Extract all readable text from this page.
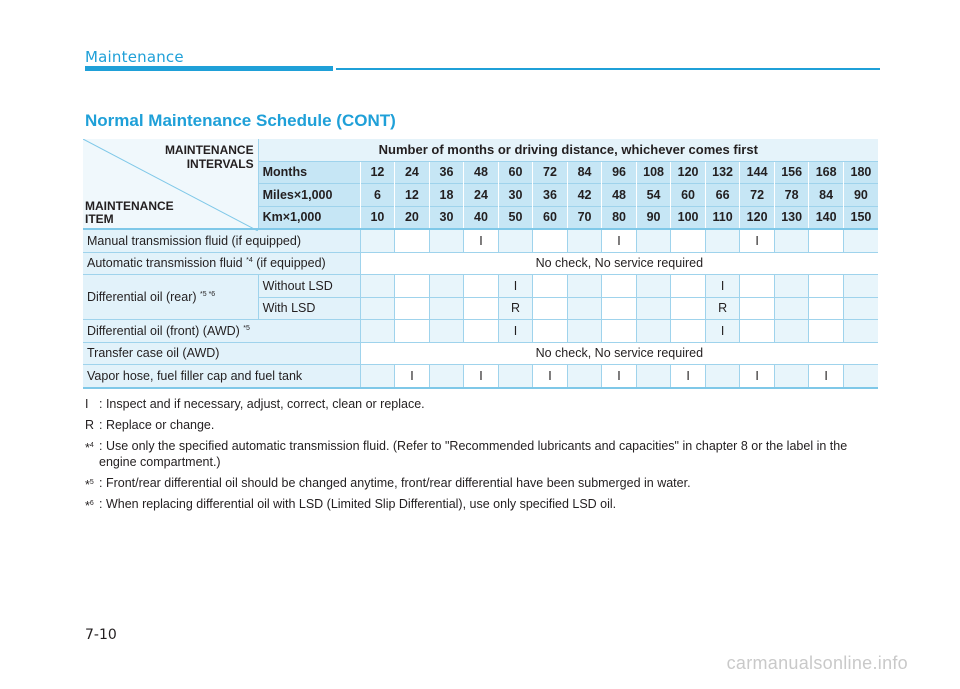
Maintenance
Normal Maintenance Schedule (CONT)
MAINTENANCE
INTERVALS
MAINTENANCE
ITEM	Number of months or driving distance, whichever comes first															
	Months	12	24	36	48	60	72	84	96	108	120	132	144	156	168	180
	Miles×1,000	6	12	18	24	30	36	42	48	54	60	66	72	78	84	90
	Km×1,000	10	20	30	40	50	60	70	80	90	100	110	120	130	140	150
Manual transmission fluid (if equipped)					I				I				I			
Automatic transmission fluid $^{*4}$ (if equipped)		No check, No service required														
Differential oil (rear) $^{*5 *6}$	Without LSD					I						I				
	With LSD					R						R				
Differential oil (front) (AWD) $^{*5}$						I						I				
Transfer case oil (AWD)		No check, No service required														
Vapor hose, fuel filler cap and fuel tank			I		I		I		I		I		I		I	
I : Inspect and if necessary, adjust, correct, clean or replace.
R : Replace or change.
*$^4$ : Use only the specified automatic transmission fluid. (Refer to "Recommended lubricants and capacities" in chapter 8 or the label in the engine compartment.)
*$^5$ : Front/rear differential oil should be changed anytime, front/rear differential have been submerged in water.
*$^6$ : When replacing differential oil with LSD (Limited Slip Differential), use only specified LSD oil.
7-10
carmanualsonline.info
